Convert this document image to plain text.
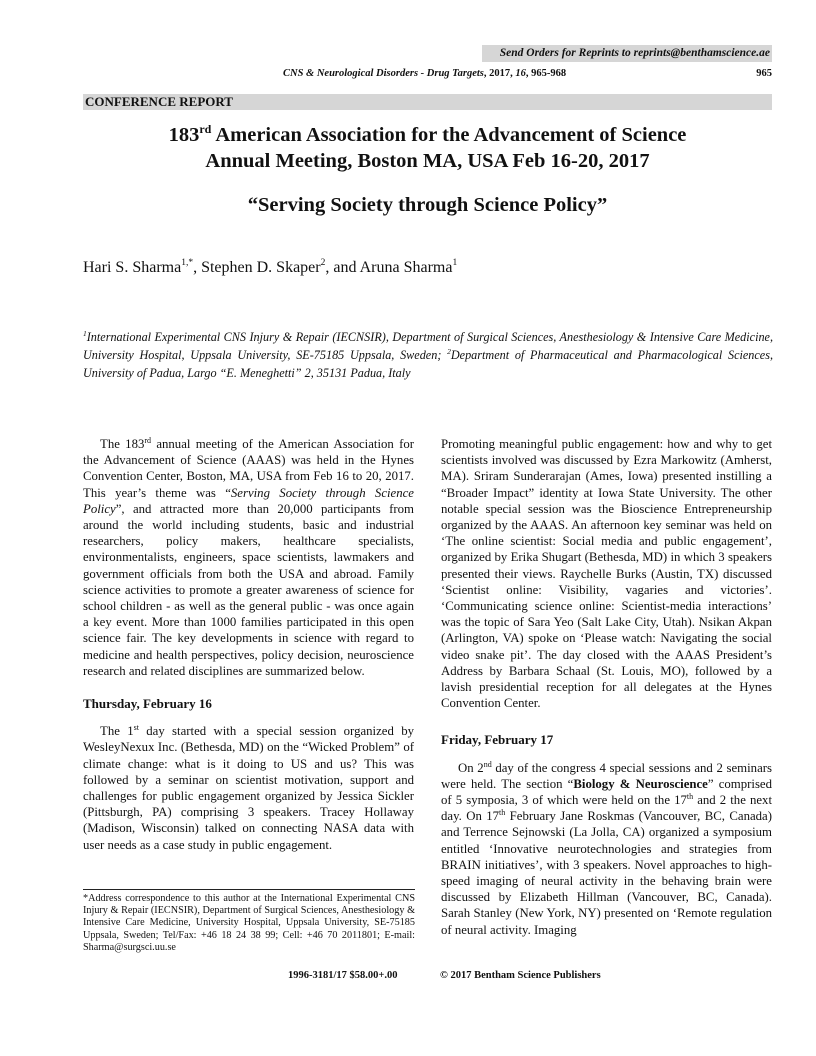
Send Orders for Reprints to reprints@benthamscience.ae
CNS & Neurological Disorders - Drug Targets, 2017, 16, 965-968	965
CONFERENCE REPORT
183rd American Association for the Advancement of Science
Annual Meeting, Boston MA, USA Feb 16-20, 2017
“Serving Society through Science Policy”
Hari S. Sharma$^{1,*}$, Stephen D. Skaper$^2$, and Aruna Sharma$^1$
$^1$International Experimental CNS Injury & Repair (IECNSIR), Department of Surgical Sciences, Anesthesiology & Intensive Care Medicine, University Hospital, Uppsala University, SE-75185 Uppsala, Sweden; $^2$Department of Pharmaceutical and Pharmacological Sciences, University of Padua, Largo “E. Meneghetti” 2, 35131 Padua, Italy

The 183rd annual meeting of the American Association for the Advancement of Science (AAAS) was held in the Hynes Convention Center, Boston, MA, USA from Feb 16 to 20, 2017. This year’s theme was “Serving Society through Science Policy”, and attracted more than 20,000 participants from around the world including students, basic and industrial researchers, policy makers, healthcare specialists, environmentalists, engineers, space scientists, lawmakers and government officials from both the USA and abroad. Family science activities to promote a greater awareness of science for school children - as well as the general public - was once again a key event. More than 1000 families participated in this open science fair. The key developments in science with regard to medicine and health perspectives, policy decision, neuroscience research and related disciplines are summarized below.

Thursday, February 16

The 1st day started with a special session organized by WesleyNexux Inc. (Bethesda, MD) on the “Wicked Problem” of climate change: what is it doing to US and us? This was followed by a seminar on scientist motivation, support and challenges for public engagement organized by Jessica Sickler (Pittsburgh, PA) comprising 3 speakers. Tracey Hollaway (Madison, Wisconsin) talked on connecting NASA data with user needs as a case study in public engagement.

*Address correspondence to this author at the International Experimental CNS Injury & Repair (IECNSIR), Department of Surgical Sciences, Anesthesiology & Intensive Care Medicine, University Hospital, Uppsala University, SE-75185 Uppsala, Sweden; Tel/Fax: +46 18 24 38 99; Cell: +46 70 2011801; E-mail: Sharma@surgsci.uu.se

Promoting meaningful public engagement: how and why to get scientists involved was discussed by Ezra Markowitz (Amherst, MA). Sriram Sunderarajan (Ames, Iowa) presented instilling a “Broader Impact” identity at Iowa State University. The other notable special session was the Bioscience Entrepreneurship organized by the AAAS. An afternoon key seminar was held on ‘The online scientist: Social media and public engagement’, organized by Erika Shugart (Bethesda, MD) in which 3 speakers presented their views. Raychelle Burks (Austin, TX) discussed ‘Scientist online: Visibility, vagaries and victories’. ‘Communicating science online: Scientist-media interactions’ was the topic of Sara Yeo (Salt Lake City, Utah). Nsikan Akpan (Arlington, VA) spoke on ‘Please watch: Navigating the social video snake pit’. The day closed with the AAAS President’s Address by Barbara Schaal (St. Louis, MO), followed by a lavish presidential reception for all delegates at the Hynes Convention Center.

Friday, February 17

On 2nd day of the congress 4 special sessions and 2 seminars were held. The section “Biology & Neuroscience” comprised of 5 symposia, 3 of which were held on the 17th and 2 the next day. On 17th February Jane Roskmas (Vancouver, BC, Canada) and Terrence Sejnowski (La Jolla, CA) organized a symposium entitled ‘Innovative neurotechnologies and strategies from BRAIN initiatives’, with 3 speakers. Novel approaches to high-speed imaging of neural activity in the behaving brain were discussed by Elizabeth Hillman (Vancouver, BC, Canada). Sarah Stanley (New York, NY) presented on ‘Remote regulation of neural activity. Imaging

1996-3181/17 $58.00+.00	© 2017 Bentham Science Publishers
